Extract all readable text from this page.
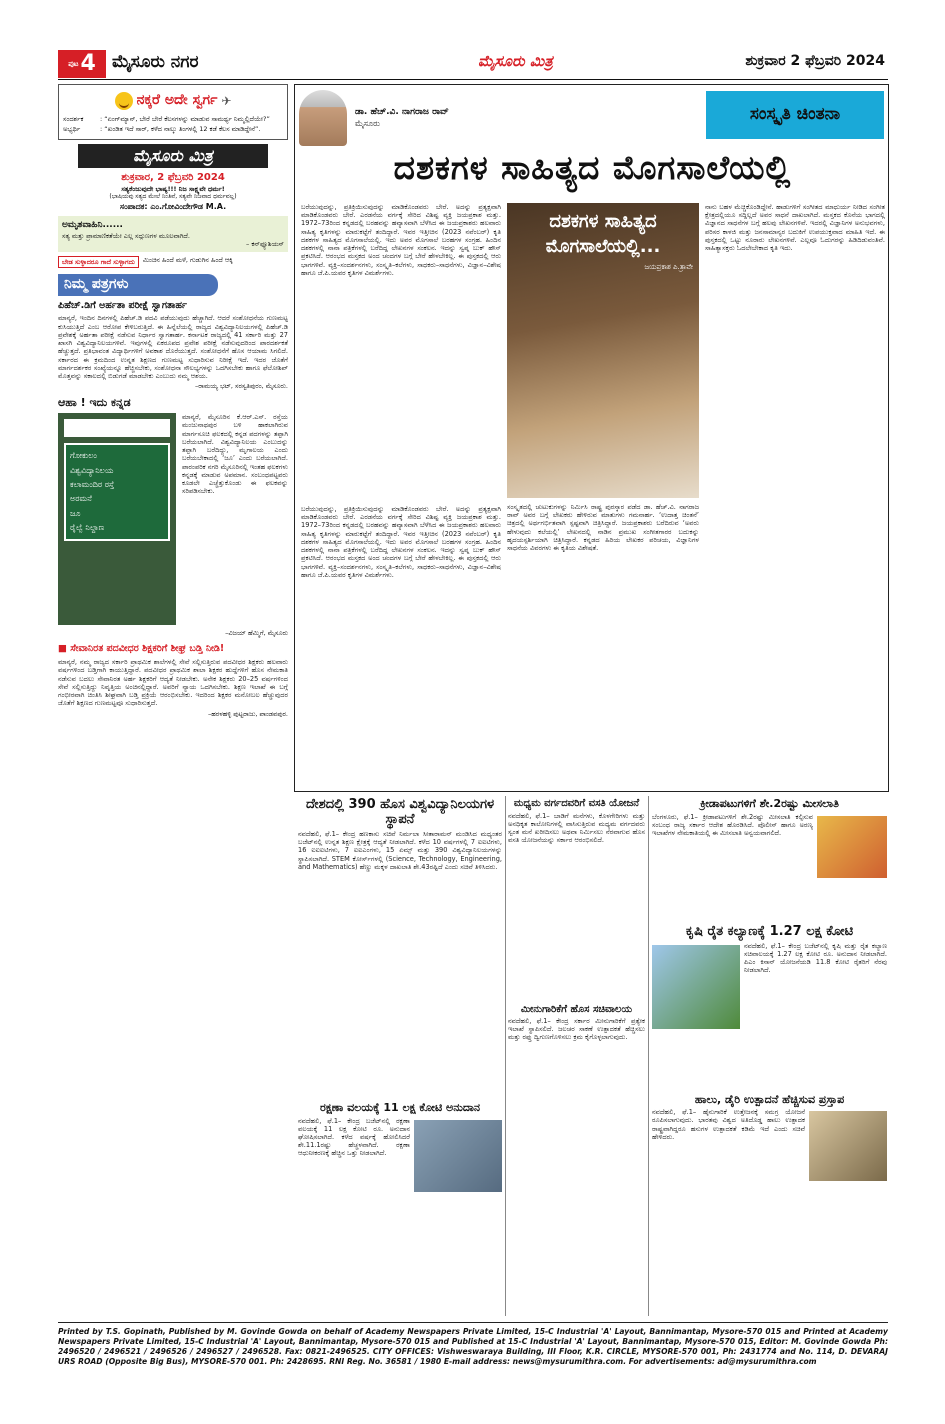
ಪುಟ 4 ಮೈಸೂರು ನಗರ	ಮೈಸೂರು ಮಿತ್ರ	ಶುಕ್ರವಾರ 2 ಫೆಬ್ರವರಿ 2024
ನಕ್ಕರೆ ಅದೇ ಸ್ವರ್ಗ ✈
ಸಂದರ್ಶಕ	: “ಏಂಗ್‌ಮ್ಯಾನ್, ಬೇರೆ ಬೇರೆ ಕೆಲಸಗಳನ್ನು ಮಾಡುವ ಸಾಮರ್ಥ್ಯ ನಿಮ್ಮಲ್ಲಿದೆಯೇ?”
ಅಭ್ಯರ್ಥಿ	: “ಖಂಡಿತ ಇದೆ ಸಾರ್, ಕಳೆದ ನಾಲ್ಕು ತಿಂಗಳಲ್ಲಿ 12 ಕಡೆ ಕೆಲಸ ಮಾಡಿದ್ದೇನೆ”.
ಮೈಸೂರು ಮಿತ್ರ
ಶುಕ್ರವಾರ, 2 ಫೆಬ್ರವರಿ 2024
ಸತ್ಯಕೆಂಜುವುದೇ ಭಾಷ್ಯ!!! ನಿಜ ಸಾಕ್ಷ್ಯವೇ ಧರ್ಮ!
(ಭಾಷಿಯವು ಸತ್ಯದ ಮೇಲೆ ನಿಂತಿವೆ, ಸತ್ಯವೇ ನಿಜವಾದ ಧರ್ಮವಲ್ಲ)
ಸಂಪಾದಕ: ಎಂ.ಗೋವಿಂದೇಗೌಡ M.A.
ಅಮೃತವಾಹಿನಿ......
ಸತ್ಯ ಮತ್ತು ಪ್ರಾಮಾಣಿಕತೆಯೇ ಎಲ್ಲ ಸದ್ಗುಣಗಳ ಮೂಲವಾಗಿದೆ.
– ಕನ್‌ಫ್ಯೂಶಿಯಸ್
ಬೇಡ ಸುಳ್ಳಾದರೂ ಗಾದೆ ಸುಳ್ಳಾಗದು	ಮಿಂಚಿನ ಹಿಂದೆ ಮಳೆ, ಗುಡುಗಿನ ಹಿಂದೆ ಆಕ್ಕಿ
ನಿಮ್ಮ ಪತ್ರಗಳು
ಪಿಹೆಚ್.ಡಿಗೆ ಅರ್ಹತಾ ಪರೀಕ್ಷೆ ಸ್ವಾಗತಾರ್ಹ
ಮಾನ್ಯರೆ, ಇಂದಿನ ದಿನಗಳಲ್ಲಿ ಪಿಹೆಚ್.ಡಿ ಪದವಿ ಪಡೆಯುವುದು ಹೆಚ್ಚಾಗಿದೆ. ಆದರೆ ಸಂಶೋಧನೆಯ ಗುಣಮಟ್ಟ ಕುಸಿಯುತ್ತಿದೆ ಎಂಬ ಆರೋಪ ಕೇಳಿಬರುತ್ತಿದೆ. ಈ ಹಿನ್ನೆಲೆಯಲ್ಲಿ ರಾಜ್ಯದ ವಿಶ್ವವಿದ್ಯಾನಿಲಯಗಳಲ್ಲಿ ಪಿಹೆಚ್.ಡಿ ಪ್ರವೇಶಕ್ಕೆ ಅರ್ಹತಾ ಪರೀಕ್ಷೆ ನಡೆಸುವ ನಿರ್ಧಾರ ಸ್ವಾಗತಾರ್ಹ. ಕರ್ನಾಟಕ ರಾಜ್ಯದಲ್ಲಿ 41 ಸರ್ಕಾರಿ ಮತ್ತು 27 ಖಾಸಗಿ ವಿಶ್ವವಿದ್ಯಾನಿಲಯಗಳಿವೆ. ಇವುಗಳಲ್ಲಿ ಏಕರೂಪದ ಪ್ರವೇಶ ಪರೀಕ್ಷೆ ನಡೆಸುವುದರಿಂದ ಪಾರದರ್ಶಕತೆ ಹೆಚ್ಚುತ್ತದೆ. ಪ್ರತಿಭಾವಂತ ವಿದ್ಯಾರ್ಥಿಗಳಿಗೆ ಅವಕಾಶ ದೊರೆಯುತ್ತದೆ. ಸಂಶೋಧನೆಗೆ ಹೊಸ ಆಯಾಮ ಸಿಗಲಿದೆ. ಸರ್ಕಾರದ ಈ ಕ್ರಮದಿಂದ ಉನ್ನತ ಶಿಕ್ಷಣದ ಗುಣಮಟ್ಟ ಸುಧಾರಿಸುವ ನಿರೀಕ್ಷೆ ಇದೆ. ಇದರ ಜೊತೆಗೆ ಮಾರ್ಗದರ್ಶಕರ ಸಂಖ್ಯೆಯನ್ನೂ ಹೆಚ್ಚಿಸಬೇಕು, ಸಂಶೋಧನಾ ಸೌಲಭ್ಯಗಳನ್ನು ಒದಗಿಸಬೇಕು ಹಾಗೂ ಫೆಲೋಶಿಪ್ ಮೊತ್ತವನ್ನು ಸಕಾಲದಲ್ಲಿ ಬಿಡುಗಡೆ ಮಾಡಬೇಕು ಎಂಬುದು ನಮ್ಮ ಆಶಯ.
–ರಾಮಯ್ಯ ಭಟ್, ಸರಸ್ವತಿಪುರಂ, ಮೈಸೂರು.
ಆಹಾ ! ಇದು ಕನ್ನಡ
ಗೋಕುಲಂ
ವಿಶ್ವವಿದ್ಯಾನಿಲಯ
ಕಲಾಮಂದಿರ ರಸ್ತೆ
ಅರಮನೆ
ಜೂ
ರೈಲ್ವೆ ನಿಲ್ದಾಣ
ಮಾನ್ಯರೆ, ಮೈಸೂರಿನ ಕೆ.ಆರ್.ಎಸ್. ರಸ್ತೆಯ ಮಂಜುನಾಥಪುರ ಬಳಿ ಹಾಕಲಾಗಿರುವ ಮಾರ್ಗಸೂಚಿ ಫಲಕದಲ್ಲಿ ಕನ್ನಡ ಪದಗಳನ್ನು ತಪ್ಪಾಗಿ ಬರೆಯಲಾಗಿದೆ. ವಿಶ್ವವಿದ್ಯಾನಿಲಯ ಎಂಬುದನ್ನು ತಪ್ಪಾಗಿ ಬರೆದಿದ್ದು, ಮೃಗಾಲಯ ಎಂದು ಬರೆಯಬೇಕಾದಲ್ಲಿ ‘ಜೂ’ ಎಂದು ಬರೆಯಲಾಗಿದೆ. ಪಾರಂಪರಿಕ ನಗರಿ ಮೈಸೂರಿನಲ್ಲಿ ಇಂತಹ ಫಲಕಗಳು ಕನ್ನಡಕ್ಕೆ ಮಾಡುವ ಅಪಮಾನ. ಸಂಬಂಧಪಟ್ಟವರು ಕೂಡಲೇ ಎಚ್ಚೆತ್ತುಕೊಂಡು ಈ ಫಲಕವನ್ನು ಸರಿಪಡಿಸಬೇಕು.
–ವಿಜಯ್ ಹೆಮ್ಮಿಗೆ, ಮೈಸೂರು
■ ಸೇವಾನಿರತ ಪದವೀಧರ ಶಿಕ್ಷಕರಿಗೆ ಶೀಘ್ರ ಬಡ್ತಿ ನೀಡಿ!
ಮಾನ್ಯರೆ, ನಮ್ಮ ರಾಜ್ಯದ ಸರ್ಕಾರಿ ಪ್ರಾಥಮಿಕ ಶಾಲೆಗಳಲ್ಲಿ ಸೇವೆ ಸಲ್ಲಿಸುತ್ತಿರುವ ಪದವೀಧರ ಶಿಕ್ಷಕರು ಹಲವಾರು ವರ್ಷಗಳಿಂದ ಬಡ್ತಿಗಾಗಿ ಕಾಯುತ್ತಿದ್ದಾರೆ. ಪದವೀಧರ ಪ್ರಾಥಮಿಕ ಶಾಲಾ ಶಿಕ್ಷಕರ ಹುದ್ದೆಗಳಿಗೆ ಹೊಸ ನೇಮಕಾತಿ ನಡೆಸುವ ಬದಲು ಸೇವಾನಿರತ ಅರ್ಹ ಶಿಕ್ಷಕರಿಗೆ ಆದ್ಯತೆ ನೀಡಬೇಕು. ಅನೇಕ ಶಿಕ್ಷಕರು 20–25 ವರ್ಷಗಳಿಂದ ಸೇವೆ ಸಲ್ಲಿಸುತ್ತಿದ್ದು ನಿವೃತ್ತಿಯ ಅಂಚಿನಲ್ಲಿದ್ದಾರೆ. ಅವರಿಗೆ ನ್ಯಾಯ ಒದಗಿಸಬೇಕು. ಶಿಕ್ಷಣ ಇಲಾಖೆ ಈ ಬಗ್ಗೆ ಗಂಭೀರವಾಗಿ ಚಿಂತಿಸಿ ಶೀಘ್ರವಾಗಿ ಬಡ್ತಿ ಪ್ರಕ್ರಿಯೆ ಆರಂಭಿಸಬೇಕು. ಇದರಿಂದ ಶಿಕ್ಷಕರ ಮನೋಬಲ ಹೆಚ್ಚುವುದರ ಜೊತೆಗೆ ಶಿಕ್ಷಣದ ಗುಣಮಟ್ಟವೂ ಸುಧಾರಿಸುತ್ತದೆ.
–ಹರಳಹಳ್ಳಿ ಪುಟ್ಟರಾಜು, ಪಾಂಡವಪುರ.
ಡಾ. ಹೆಚ್.ವಿ. ನಾಗರಾಜ ರಾವ್
ಮೈಸೂರು	ಸಂಸ್ಕೃತಿ ಚಿಂತನಾ
ದಶಕಗಳ ಸಾಹಿತ್ಯದ ಮೊಗಸಾಲೆಯಲ್ಲಿ
ಬರೆಯುವುದನ್ನು, ಪ್ರತಿಕ್ರಿಯಿಸುವುದನ್ನು ಮಾಡಿಕೊಂಡವರು ಬೇರೆ. ಅದನ್ನು ಪ್ರತ್ಯಕ್ಷವಾಗಿ ಮಾಡಿಕೊಂಡವರು ಬೇರೆ. ಎರಡನೆಯ ವರ್ಗಕ್ಕೆ ಸೇರಿದ ವಿಶಿಷ್ಟ ವ್ಯಕ್ತಿ ಜಯಪ್ರಕಾಶ ಮತ್ತು. 1972–73ರಿಂದ ಕನ್ನಡದಲ್ಲಿ ಬರಹವನ್ನು ಹವ್ಯಾಸವಾಗಿ ಬೆಳೆಸಿದ ಈ ಜಯಪ್ರಕಾಶರು ಹಲವಾರು ಸಾಹಿತ್ಯ ಕೃತಿಗಳನ್ನು ಮಾರುಕಟ್ಟೆಗೆ ತಂದಿದ್ದಾರೆ. ಇವರ ಇತ್ತೀಚಿನ (2023 ನವೆಂಬರ್) ಕೃತಿ ದಶಕಗಳ ಸಾಹಿತ್ಯದ ಮೊಗಸಾಲೆಯಲ್ಲಿ. ಇದು ಅವರ ಮೊಗಸಾಲೆ ಬರಹಗಳ ಸಂಗ್ರಹ. ಹಿಂದಿನ ದಶಕಗಳಲ್ಲಿ ನಾನಾ ಪತ್ರಿಕೆಗಳಲ್ಲಿ ಬರೆದಿದ್ದ ಲೇಖನಗಳ ಸಂಕಲನ. ಇದನ್ನು ಸ್ವಪ್ನ ಬುಕ್ ಹೌಸ್ ಪ್ರಕಟಿಸಿದೆ. ಆರಂಭದ ಮಸ್ತಕದ ಅಂದ ಚಂದಗಳ ಬಗ್ಗೆ ಬೇರೆ ಹೇಳಬೇಕಿಲ್ಲ. ಈ ಪುಸ್ತಕದಲ್ಲಿ ಆರು ಭಾಗಗಳಿವೆ. ವ್ಯಕ್ತಿ–ಸಂದರ್ಶನಗಳು, ಸಂಸ್ಕೃತಿ–ಕಲೆಗಳು, ಸಾಧಕರು–ಸಾಧನೆಗಳು, ವಿಜ್ಞಾನ–ವಿಶೇಷ ಹಾಗೂ ಜೆ.ಪಿ.ಯವರ ಕೃತಿಗಳ ವಿಮರ್ಶೆಗಳು.
ದಶಕಗಳ ಸಾಹಿತ್ಯದ ಮೊಗಸಾಲೆಯಲ್ಲಿ...
ಜಯಪ್ರಕಾಶ ಪಿ.ತ್ರಾವೇ
ನಾನು ಬಹಳ ಮೆಚ್ಚಿಕೊಂಡಿದ್ದೇನೆ. ಹಾಡುಗಳಿಗೆ ಸಂಗೀತದ ಮಾಧುರ್ಯ ನೀಡಿದ ಸಂಗೀತ ಕ್ಷೇತ್ರದಲ್ಲಿಯೂ ಸದ್ದಿಲ್ಲದೆ ಅವರ ಸಾಧನೆ ದಾಖಲಾಗಿದೆ. ಮಸ್ತಕದ ಕೊನೆಯ ಭಾಗದಲ್ಲಿ ವಿಜ್ಞಾನದ ಸಾಧನೆಗಳ ಬಗ್ಗೆ ಹಲವು ಲೇಖನಗಳಿವೆ. ಇದರಲ್ಲಿ ವಿಜ್ಞಾನಿಗಳ ಅನುಭವಗಳು, ಪರಿಸರ ಕಾಳಜಿ ಮತ್ತು ಜನಸಾಮಾನ್ಯರ ಬದುಕಿಗೆ ಉಪಯುಕ್ತವಾದ ಮಾಹಿತಿ ಇದೆ. ಈ ಪುಸ್ತಕದಲ್ಲಿ ಒಟ್ಟು ನೂರಾರು ಲೇಖನಗಳಿವೆ. ಎಲ್ಲವೂ ಓದುಗರನ್ನು ಹಿಡಿದಿಡುವಂತಿವೆ. ಸಾಹಿತ್ಯಾಸಕ್ತರು ಓದಲೇಬೇಕಾದ ಕೃತಿ ಇದು.
ಬರೆಯುವುದನ್ನು, ಪ್ರತಿಕ್ರಿಯಿಸುವುದನ್ನು ಮಾಡಿಕೊಂಡವರು ಬೇರೆ. ಅದನ್ನು ಪ್ರತ್ಯಕ್ಷವಾಗಿ ಮಾಡಿಕೊಂಡವರು ಬೇರೆ. ಎರಡನೆಯ ವರ್ಗಕ್ಕೆ ಸೇರಿದ ವಿಶಿಷ್ಟ ವ್ಯಕ್ತಿ ಜಯಪ್ರಕಾಶ ಮತ್ತು. 1972–73ರಿಂದ ಕನ್ನಡದಲ್ಲಿ ಬರಹವನ್ನು ಹವ್ಯಾಸವಾಗಿ ಬೆಳೆಸಿದ ಈ ಜಯಪ್ರಕಾಶರು ಹಲವಾರು ಸಾಹಿತ್ಯ ಕೃತಿಗಳನ್ನು ಮಾರುಕಟ್ಟೆಗೆ ತಂದಿದ್ದಾರೆ. ಇವರ ಇತ್ತೀಚಿನ (2023 ನವೆಂಬರ್) ಕೃತಿ ದಶಕಗಳ ಸಾಹಿತ್ಯದ ಮೊಗಸಾಲೆಯಲ್ಲಿ. ಇದು ಅವರ ಮೊಗಸಾಲೆ ಬರಹಗಳ ಸಂಗ್ರಹ. ಹಿಂದಿನ ದಶಕಗಳಲ್ಲಿ ನಾನಾ ಪತ್ರಿಕೆಗಳಲ್ಲಿ ಬರೆದಿದ್ದ ಲೇಖನಗಳ ಸಂಕಲನ. ಇದನ್ನು ಸ್ವಪ್ನ ಬುಕ್ ಹೌಸ್ ಪ್ರಕಟಿಸಿದೆ. ಆರಂಭದ ಮಸ್ತಕದ ಅಂದ ಚಂದಗಳ ಬಗ್ಗೆ ಬೇರೆ ಹೇಳಬೇಕಿಲ್ಲ. ಈ ಪುಸ್ತಕದಲ್ಲಿ ಆರು ಭಾಗಗಳಿವೆ. ವ್ಯಕ್ತಿ–ಸಂದರ್ಶನಗಳು, ಸಂಸ್ಕೃತಿ–ಕಲೆಗಳು, ಸಾಧಕರು–ಸಾಧನೆಗಳು, ವಿಜ್ಞಾನ–ವಿಶೇಷ ಹಾಗೂ ಜೆ.ಪಿ.ಯವರ ಕೃತಿಗಳ ವಿಮರ್ಶೆಗಳು.
ಸಂಸ್ಕೃತದಲ್ಲಿ ಚುಟುಕುಗಳನ್ನು ನಿರ್ಮಿಸಿ ರಾಷ್ಟ್ರ ಪುರಸ್ಕಾರ ಪಡೆದ ಡಾ. ಹೆಚ್.ವಿ. ನಾಗರಾಜ ರಾವ್ ಅವರ ಬಗ್ಗೆ ಲೇಖಕರು ಹೇಳಿರುವ ಮಾತುಗಳು ಗಮನಾರ್ಹ. ‘ಉದಾತ್ತ ಚಿಂತನೆ’ ಚಿತ್ರದಲ್ಲಿ ಅರ್ಥಗರ್ಭಿತವಾಗಿ ಸ್ಪಷ್ಟವಾಗಿ ಚಿತ್ರಿಸಿದ್ದಾರೆ. ಜಯಪ್ರಕಾಶರು ಬರೆದಿರುವ ‘ಅವರು ಹೇಳುವುದು ಕಲೆಯಲ್ಲಿ’ ಲೇಖನದಲ್ಲಿ ನಾಡಿನ ಪ್ರಮುಖ ಸಂಗೀತಗಾರರ ಬದುಕನ್ನು ಹೃದಯಸ್ಪರ್ಶಿಯಾಗಿ ಚಿತ್ರಿಸಿದ್ದಾರೆ. ಕನ್ನಡದ ಹಿರಿಯ ಲೇಖಕರ ಪರಿಚಯ, ವಿಜ್ಞಾನಿಗಳ ಸಾಧನೆಯ ವಿವರಗಳು ಈ ಕೃತಿಯ ವಿಶೇಷತೆ.
ದೇಶದಲ್ಲಿ 390 ಹೊಸ ವಿಶ್ವವಿದ್ಯಾನಿಲಯಗಳ ಸ್ಥಾಪನೆ
ನವದೆಹಲಿ, ಫೆ.1– ಕೇಂದ್ರ ಹಣಕಾಸು ಸಚಿವೆ ನಿರ್ಮಲಾ ಸೀತಾರಾಮನ್ ಮಂಡಿಸಿದ ಮಧ್ಯಂತರ ಬಜೆಟ್‌ನಲ್ಲಿ ಉನ್ನತ ಶಿಕ್ಷಣ ಕ್ಷೇತ್ರಕ್ಕೆ ಆದ್ಯತೆ ನೀಡಲಾಗಿದೆ. ಕಳೆದ 10 ವರ್ಷಗಳಲ್ಲಿ 7 ಐಐಟಿಗಳು, 16 ಐಐಐಟಿಗಳು, 7 ಐಐಎಂಗಳು, 15 ಏಮ್ಸ್ ಮತ್ತು 390 ವಿಶ್ವವಿದ್ಯಾನಿಲಯಗಳನ್ನು ಸ್ಥಾಪಿಸಲಾಗಿದೆ. STEM ಕೋರ್ಸ್‌ಗಳಲ್ಲಿ (Science, Technology, Engineering, and Mathematics) ಹೆಣ್ಣು ಮಕ್ಕಳ ದಾಖಲಾತಿ ಶೇ.43ರಷ್ಟಿದೆ ಎಂದು ಸಚಿವೆ ತಿಳಿಸಿದರು.
ರಕ್ಷಣಾ ವಲಯಕ್ಕೆ 11 ಲಕ್ಷ ಕೋಟಿ ಅನುದಾನ
ನವದೆಹಲಿ, ಫೆ.1– ಕೇಂದ್ರ ಬಜೆಟ್‌ನಲ್ಲಿ ರಕ್ಷಣಾ ವಲಯಕ್ಕೆ 11 ಲಕ್ಷ ಕೋಟಿ ರೂ. ಅನುದಾನ ಘೋಷಿಸಲಾಗಿದೆ. ಕಳೆದ ವರ್ಷಕ್ಕೆ ಹೋಲಿಸಿದರೆ ಶೇ.11.1ರಷ್ಟು ಹೆಚ್ಚಳವಾಗಿದೆ. ರಕ್ಷಣಾ ಆಧುನೀಕರಣಕ್ಕೆ ಹೆಚ್ಚಿನ ಒತ್ತು ನೀಡಲಾಗಿದೆ.
ಮಧ್ಯಮ ವರ್ಗದವರಿಗೆ ವಸತಿ ಯೋಜನೆ
ನವದೆಹಲಿ, ಫೆ.1– ಬಾಡಿಗೆ ಮನೆಗಳು, ಕೊಳಗೇರಿಗಳು ಮತ್ತು ಅನಧಿಕೃತ ಕಾಲೋನಿಗಳಲ್ಲಿ ವಾಸಿಸುತ್ತಿರುವ ಮಧ್ಯಮ ವರ್ಗದವರು ಸ್ವಂತ ಮನೆ ಖರೀದಿಸಲು ಅಥವಾ ನಿರ್ಮಿಸಲು ನೆರವಾಗುವ ಹೊಸ ವಸತಿ ಯೋಜನೆಯನ್ನು ಸರ್ಕಾರ ಆರಂಭಿಸಲಿದೆ.
ಮೀನುಗಾರಿಕೆಗೆ ಹೊಸ ಸಚಿವಾಲಯ
ನವದೆಹಲಿ, ಫೆ.1– ಕೇಂದ್ರ ಸರ್ಕಾರ ಮೀನುಗಾರಿಕೆಗೆ ಪ್ರತ್ಯೇಕ ಇಲಾಖೆ ಸ್ಥಾಪಿಸಲಿದೆ. ಜಲಚರ ಸಾಕಣೆ ಉತ್ಪಾದಕತೆ ಹೆಚ್ಚಿಸಲು ಮತ್ತು ರಫ್ತು ದ್ವಿಗುಣಗೊಳಿಸಲು ಕ್ರಮ ಕೈಗೊಳ್ಳಲಾಗುವುದು.
ಕ್ರೀಡಾಪಟುಗಳಿಗೆ ಶೇ.2ರಷ್ಟು ಮೀಸಲಾತಿ
ಬೆಂಗಳೂರು, ಫೆ.1– ಕ್ರೀಡಾಪಟುಗಳಿಗೆ ಶೇ.2ರಷ್ಟು ಮೀಸಲಾತಿ ಕಲ್ಪಿಸುವ ಸಂಬಂಧ ರಾಜ್ಯ ಸರ್ಕಾರ ಆದೇಶ ಹೊರಡಿಸಿದೆ. ಪೊಲೀಸ್ ಹಾಗೂ ಅರಣ್ಯ ಇಲಾಖೆಗಳ ನೇಮಕಾತಿಯಲ್ಲಿ ಈ ಮೀಸಲಾತಿ ಅನ್ವಯವಾಗಲಿದೆ.
ಕೃಷಿ ರೈತ ಕಲ್ಯಾಣಕ್ಕೆ 1.27 ಲಕ್ಷ ಕೋಟಿ
ನವದೆಹಲಿ, ಫೆ.1– ಕೇಂದ್ರ ಬಜೆಟ್‌ನಲ್ಲಿ ಕೃಷಿ ಮತ್ತು ರೈತ ಕಲ್ಯಾಣ ಸಚಿವಾಲಯಕ್ಕೆ 1.27 ಲಕ್ಷ ಕೋಟಿ ರೂ. ಅನುದಾನ ನೀಡಲಾಗಿದೆ. ಪಿಎಂ ಕಿಸಾನ್ ಯೋಜನೆಯಡಿ 11.8 ಕೋಟಿ ರೈತರಿಗೆ ನೆರವು ನೀಡಲಾಗಿದೆ.
ಹಾಲು, ಡೈರಿ ಉತ್ಪಾದನೆ ಹೆಚ್ಚಿಸುವ ಪ್ರಸ್ತಾಪ
ನವದೆಹಲಿ, ಫೆ.1– ಹೈನುಗಾರಿಕೆ ಉತ್ತೇಜನಕ್ಕೆ ಸಮಗ್ರ ಯೋಜನೆ ರೂಪಿಸಲಾಗುವುದು. ಭಾರತವು ವಿಶ್ವದ ಅತಿದೊಡ್ಡ ಹಾಲು ಉತ್ಪಾದಕ ರಾಷ್ಟ್ರವಾಗಿದ್ದರೂ ಹಸುಗಳ ಉತ್ಪಾದಕತೆ ಕಡಿಮೆ ಇದೆ ಎಂದು ಸಚಿವೆ ಹೇಳಿದರು.
Printed by T.S. Gopinath, Published by M. Govinde Gowda on behalf of Academy Newspapers Private Limited, 15-C Industrial 'A' Layout, Bannimantap, Mysore-570 015 and Printed at Academy Newspapers Private Limited, 15-C Industrial 'A' Layout, Bannimantap, Mysore-570 015 and Published at 15-C Industrial 'A' Layout, Bannimantap, Mysore-570 015, Editor: M. Govinde Gowda Ph: 2496520 / 2496521 / 2496526 / 2496527 / 2496528. Fax: 0821-2496525. CITY OFFICES: Vishweswaraya Building, III Floor, K.R. CIRCLE, MYSORE-570 001, Ph: 2431774 and No. 114, D. DEVARAJ URS ROAD (Opposite Big Bus), MYSORE-570 001. Ph: 2428695. RNI Reg. No. 36581 / 1980 E-mail address: news@mysurumithra.com. For advertisements: ad@mysurumithra.com
